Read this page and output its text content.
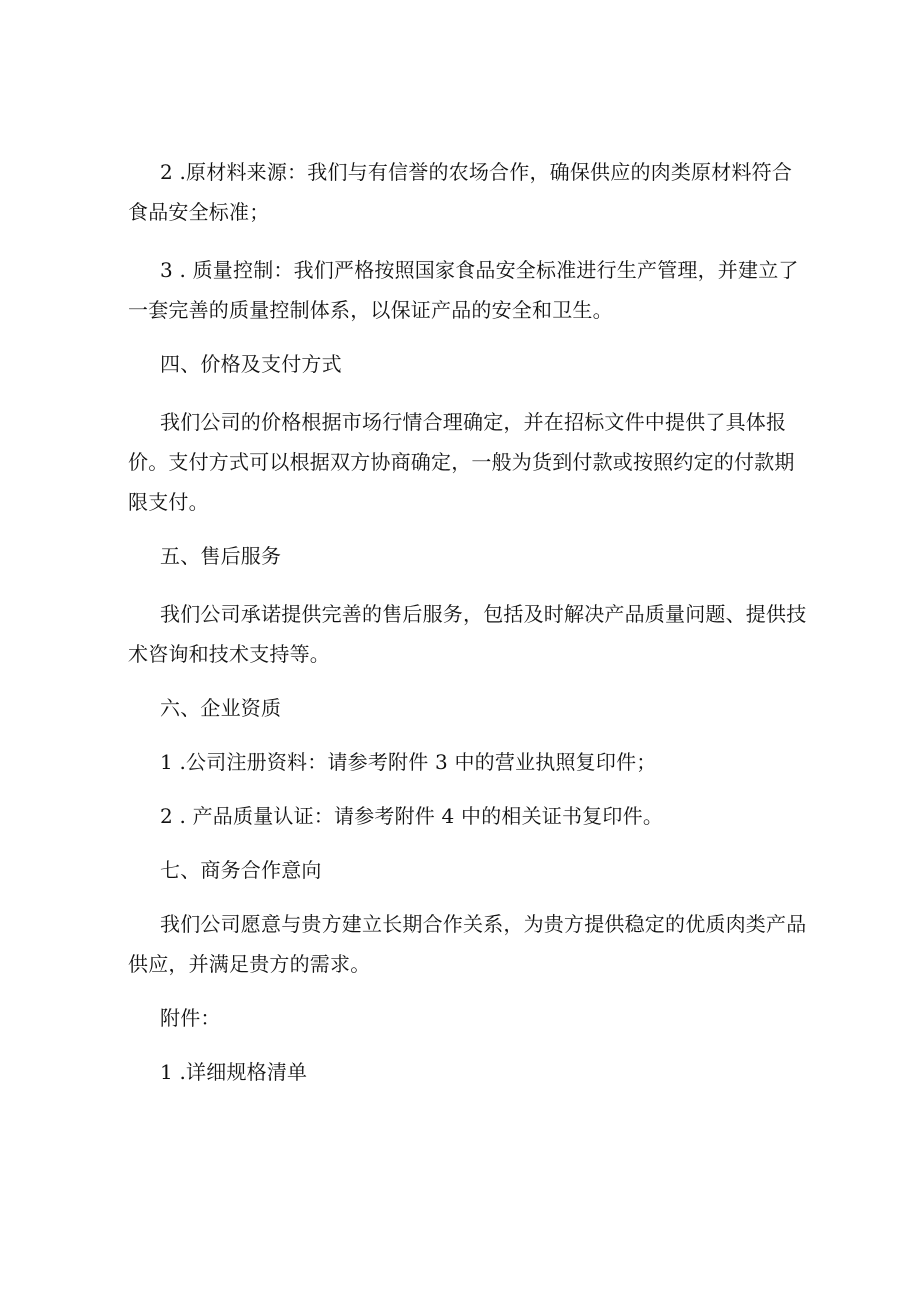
2 .原材料来源：我们与有信誉的农场合作，确保供应的肉类原材料符合食品安全标准；

3 . 质量控制：我们严格按照国家食品安全标准进行生产管理，并建立了一套完善的质量控制体系，以保证产品的安全和卫生。

四、价格及支付方式

我们公司的价格根据市场行情合理确定，并在招标文件中提供了具体报价。支付方式可以根据双方协商确定，一般为货到付款或按照约定的付款期限支付。

五、售后服务

我们公司承诺提供完善的售后服务，包括及时解决产品质量问题、提供技术咨询和技术支持等。

六、企业资质

1 .公司注册资料：请参考附件 3 中的营业执照复印件；

2 . 产品质量认证：请参考附件 4 中的相关证书复印件。

七、商务合作意向

我们公司愿意与贵方建立长期合作关系，为贵方提供稳定的优质肉类产品供应，并满足贵方的需求。

附件：

1 .详细规格清单
